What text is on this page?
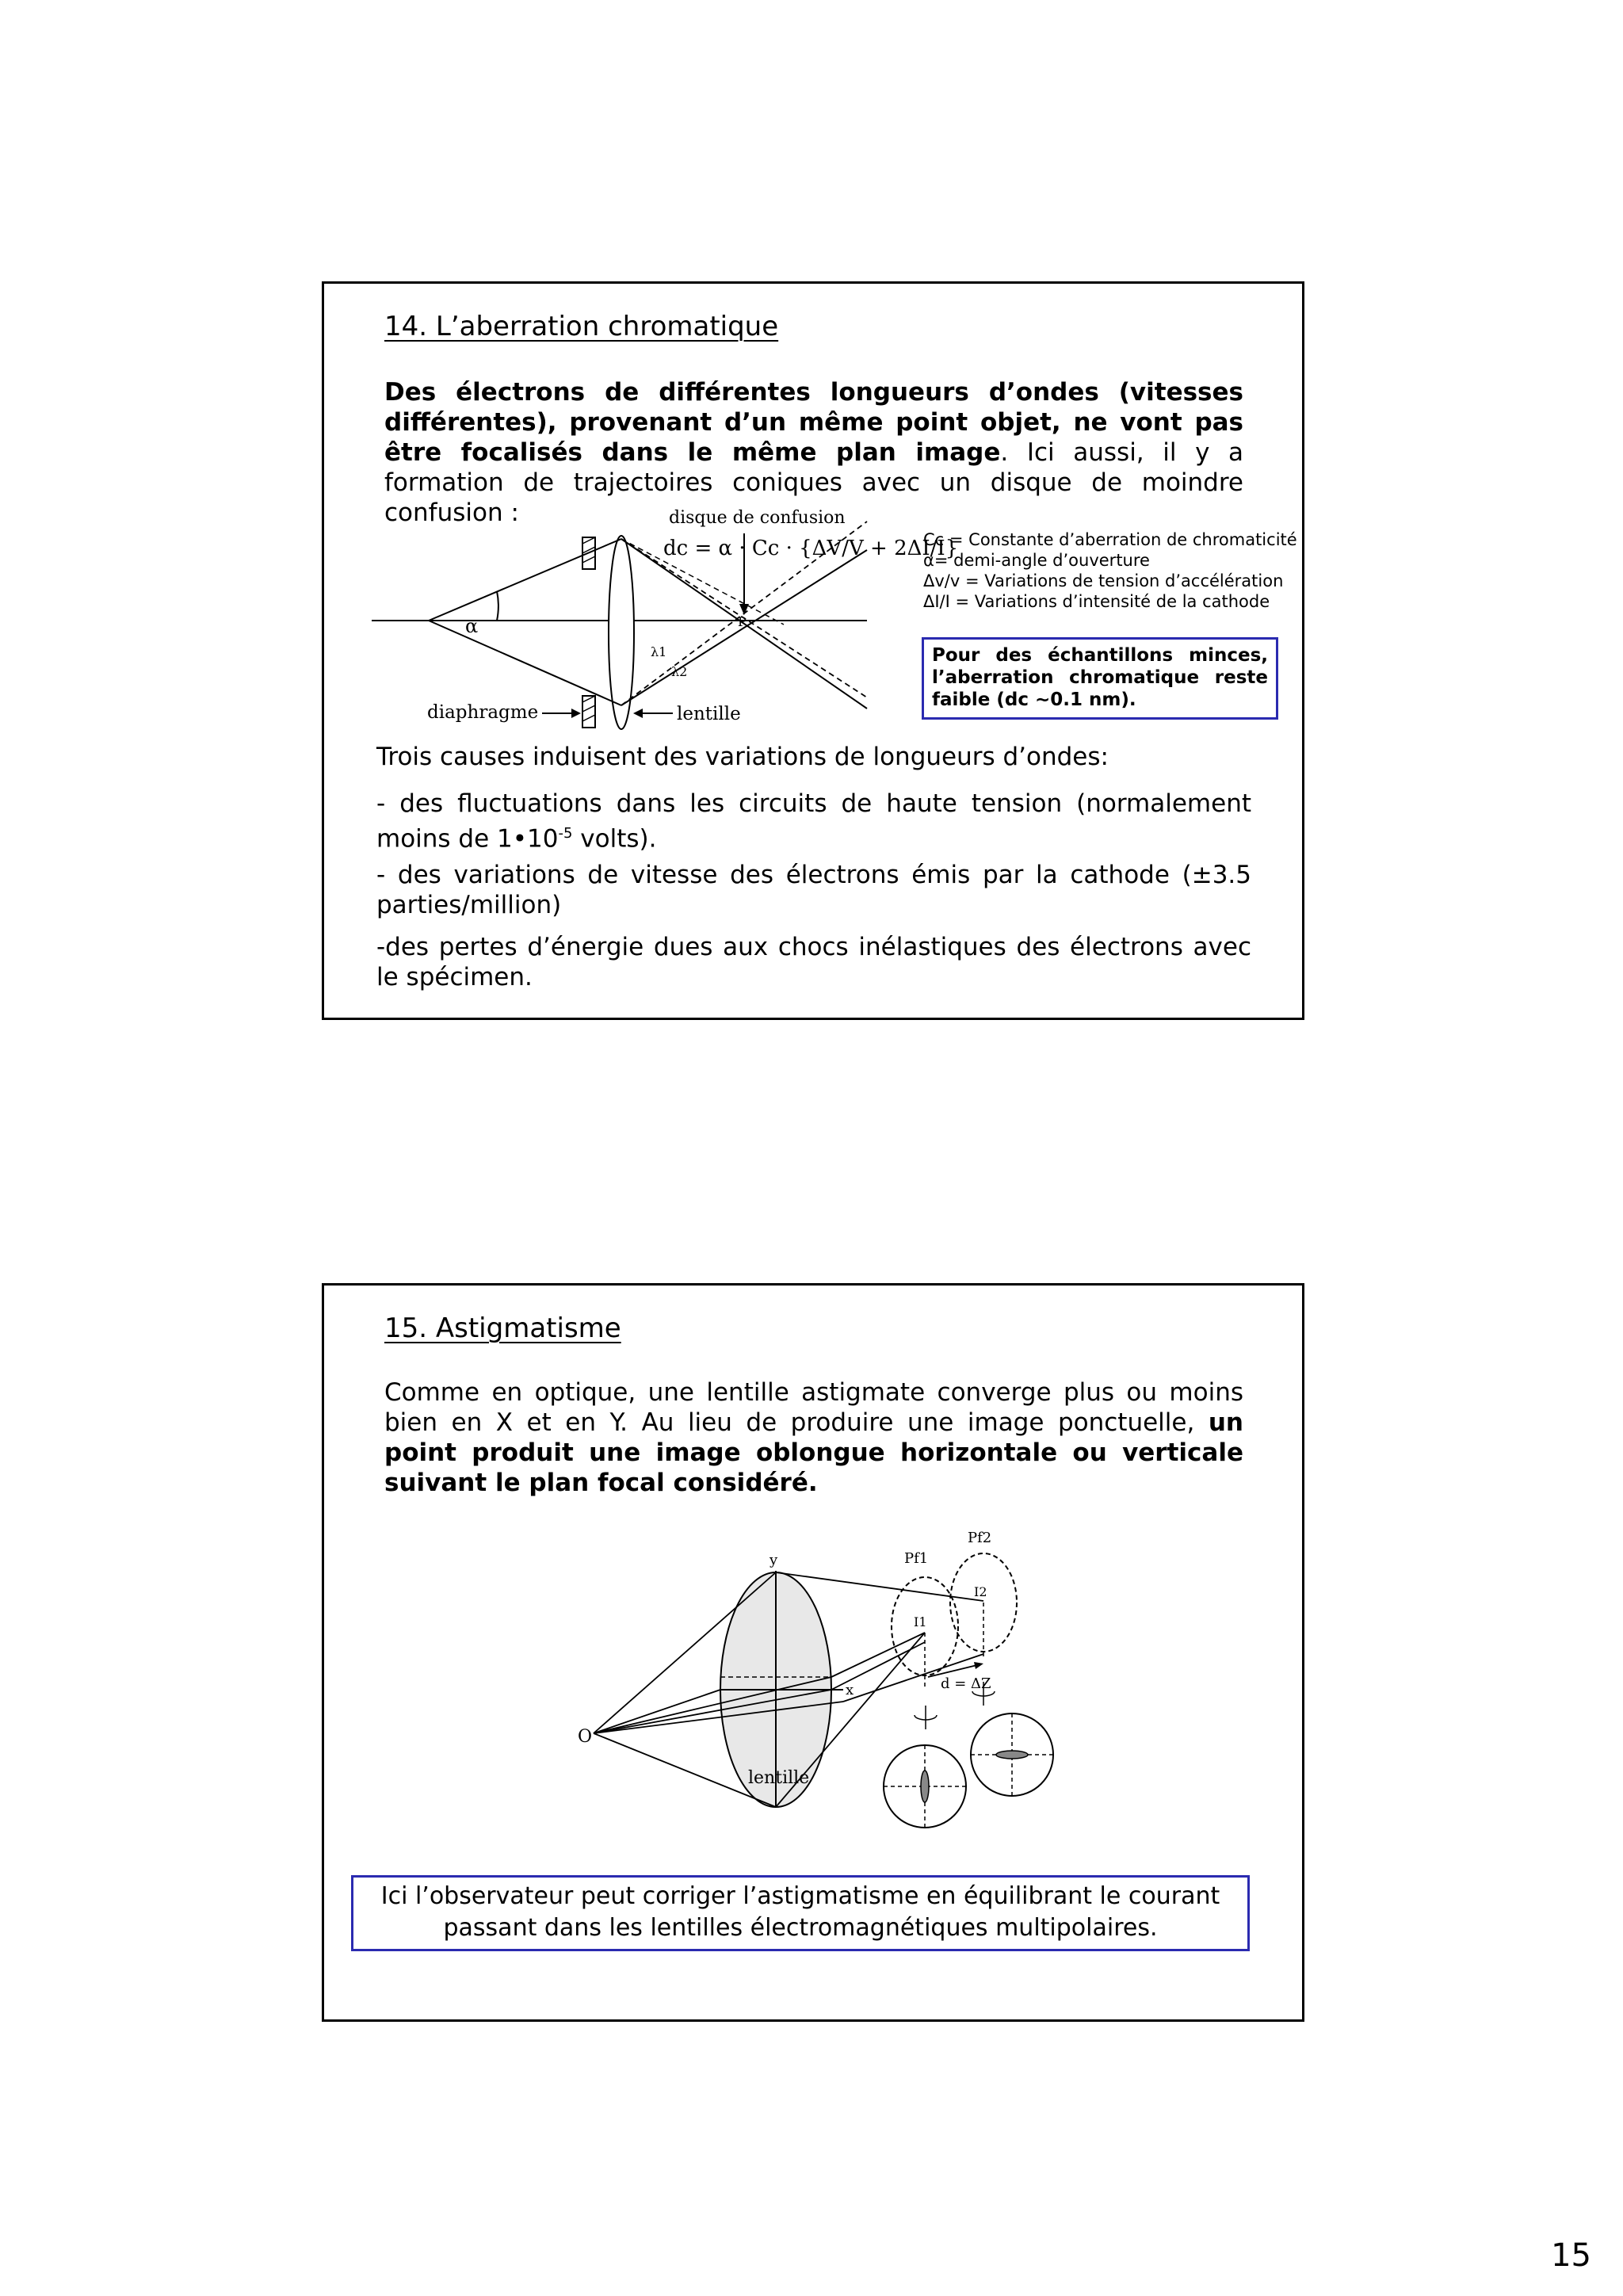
14. L’aberration chromatique
Des électrons de différentes longueurs d’ondes (vitesses différentes), provenant d’un même point objet, ne vont pas être focalisés dans le même plan image. Ici aussi, il y a formation de trajectoires coniques avec un disque de moindre confusion :	disque de confusion
dc = α · Cc · {ΔV/V + 2ΔI/I}
α
λ1
λ2
P
diaphragme	lentille
Cc = Constante d’aberration de chromaticité
α= demi-angle d’ouverture
Δv/v = Variations de tension d’accélération
ΔI/I = Variations d’intensité de la cathode
Pour des échantillons minces, l’aberration chromatique reste faible (dc ~0.1 nm).
Trois causes induisent des variations de longueurs d’ondes:
- des fluctuations dans les circuits de haute tension (normalement moins de $1•10^{-5}$ volts).
- des variations de vitesse des électrons émis par la cathode (±3.5 parties/million)
-des pertes d’énergie dues aux chocs inélastiques des électrons avec le spécimen.
15. Astigmatisme
Comme en optique, une lentille astigmate converge plus ou moins bien en X et en Y. Au lieu de produire une image ponctuelle, un point produit une image oblongue horizontale ou verticale suivant le plan focal considéré.
O
y
x
lentille
Pf1
Pf2
I1
I2
d = ΔZ
Ici l’observateur peut corriger l’astigmatisme en équilibrant le courant passant dans les lentilles électromagnétiques multipolaires.
15
